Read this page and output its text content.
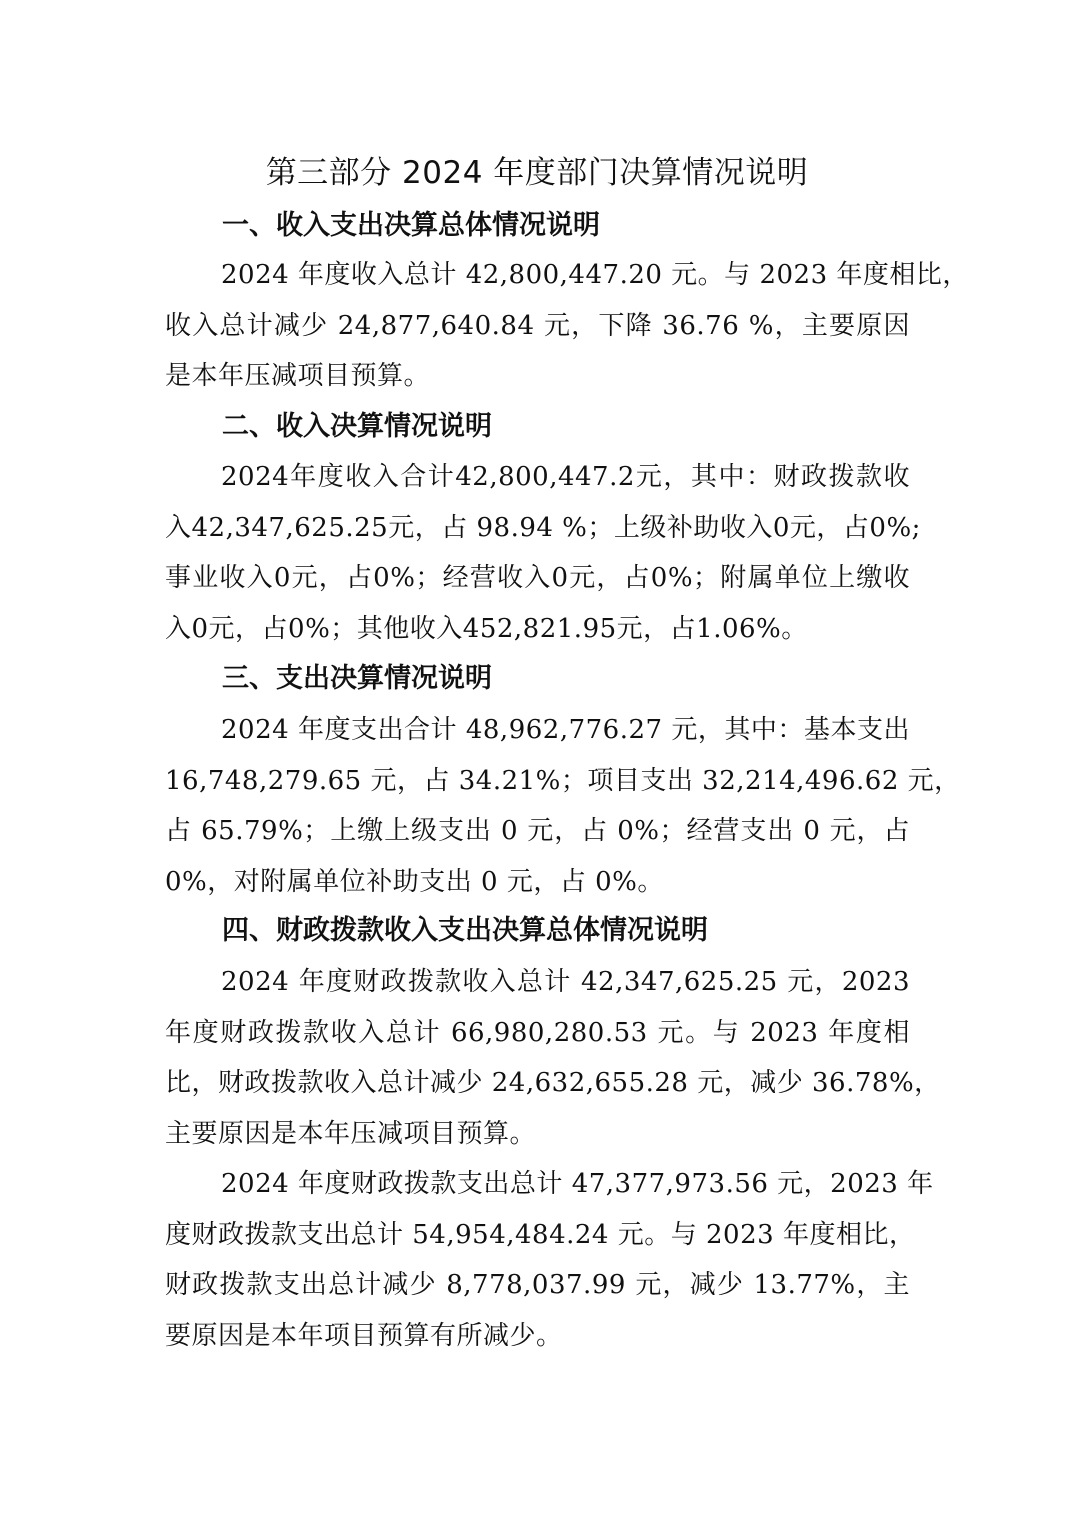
第三部分 2024 年度部门决算情况说明
一、收入支出决算总体情况说明
2024 年度收入总计 42,800,447.20 元。与 2023 年度相比，
收入总计减少 24,877,640.84 元，下降 36.76 %，主要原因
是本年压减项目预算。
二、收入决算情况说明
2024年度收入合计42,800,447.2元，其中：财政拨款收
入42,347,625.25元，占 98.94 %；上级补助收入0元，占0%;
事业收入0元，占0%；经营收入0元，占0%；附属单位上缴收
入0元，占0%；其他收入452,821.95元，占1.06%。
三、支出决算情况说明
2024 年度支出合计 48,962,776.27 元，其中：基本支出
16,748,279.65 元，占 34.21%；项目支出 32,214,496.62 元，
占 65.79%；上缴上级支出 0 元，占 0%；经营支出 0 元，占
0%，对附属单位补助支出 0 元，占 0%。
四、财政拨款收入支出决算总体情况说明
2024 年度财政拨款收入总计 42,347,625.25 元，2023
年度财政拨款收入总计 66,980,280.53 元。与 2023 年度相
比，财政拨款收入总计减少 24,632,655.28 元，减少 36.78%，
主要原因是本年压减项目预算。
2024 年度财政拨款支出总计 47,377,973.56 元，2023 年
度财政拨款支出总计 54,954,484.24 元。与 2023 年度相比，
财政拨款支出总计减少 8,778,037.99 元，减少 13.77%，主
要原因是本年项目预算有所减少。
